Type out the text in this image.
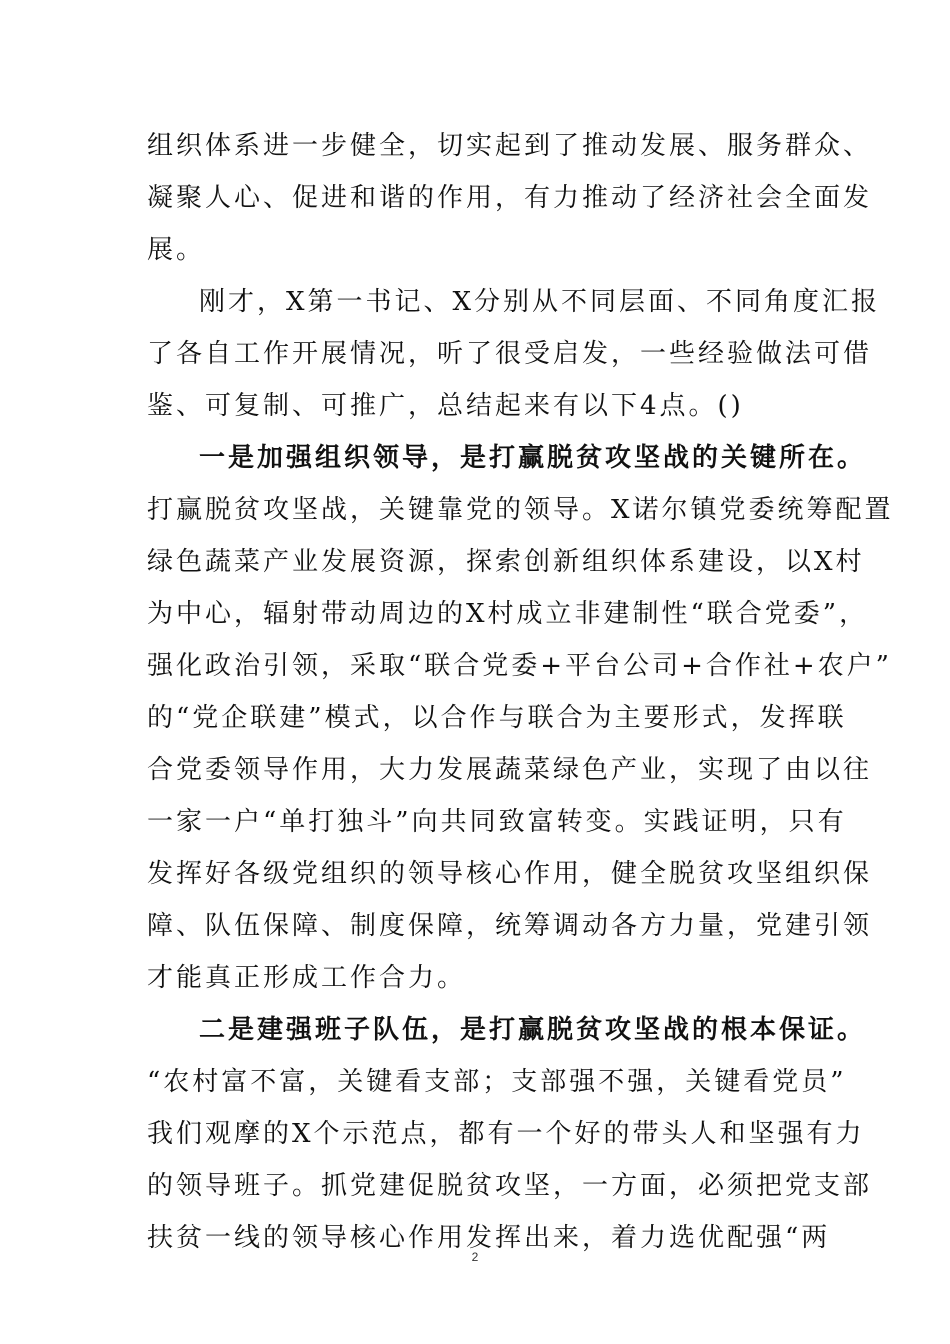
组织体系进一步健全，切实起到了推动发展、服务群众、
凝聚人心、促进和谐的作用，有力推动了经济社会全面发
展。
刚才，X第一书记、X分别从不同层面、不同角度汇报
了各自工作开展情况，听了很受启发，一些经验做法可借
鉴、可复制、可推广，总结起来有以下4点。()
一是加强组织领导，是打赢脱贫攻坚战的关键所在。
打赢脱贫攻坚战，关键靠党的领导。X诺尔镇党委统筹配置
绿色蔬菜产业发展资源，探索创新组织体系建设，以X村
为中心，辐射带动周边的X村成立非建制性“联合党委”，
强化政治引领，采取“联合党委+平台公司+合作社+农户”
的“党企联建”模式，以合作与联合为主要形式，发挥联
合党委领导作用，大力发展蔬菜绿色产业，实现了由以往
一家一户“单打独斗”向共同致富转变。实践证明，只有
发挥好各级党组织的领导核心作用，健全脱贫攻坚组织保
障、队伍保障、制度保障，统筹调动各方力量，党建引领
才能真正形成工作合力。
二是建强班子队伍，是打赢脱贫攻坚战的根本保证。
“农村富不富，关键看支部；支部强不强，关键看党员”
我们观摩的X个示范点，都有一个好的带头人和坚强有力
的领导班子。抓党建促脱贫攻坚，一方面，必须把党支部
扶贫一线的领导核心作用发挥出来，着力选优配强“两
2
